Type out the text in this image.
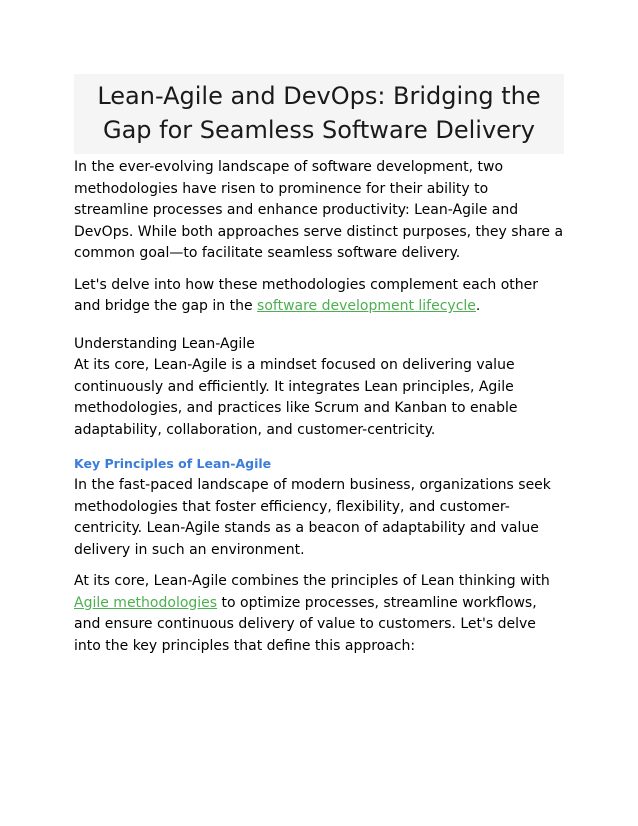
Lean-Agile and DevOps: Bridging the Gap for Seamless Software Delivery

In the ever-evolving landscape of software development, two methodologies have risen to prominence for their ability to streamline processes and enhance productivity: Lean-Agile and DevOps. While both approaches serve distinct purposes, they share a common goal—to facilitate seamless software delivery.

Let's delve into how these methodologies complement each other and bridge the gap in the software development lifecycle.

Understanding Lean-Agile

At its core, Lean-Agile is a mindset focused on delivering value continuously and efficiently. It integrates Lean principles, Agile methodologies, and practices like Scrum and Kanban to enable adaptability, collaboration, and customer-centricity.

Key Principles of Lean-Agile

In the fast-paced landscape of modern business, organizations seek methodologies that foster efficiency, flexibility, and customer-centricity. Lean-Agile stands as a beacon of adaptability and value delivery in such an environment.

At its core, Lean-Agile combines the principles of Lean thinking with Agile methodologies to optimize processes, streamline workflows, and ensure continuous delivery of value to customers. Let's delve into the key principles that define this approach:
